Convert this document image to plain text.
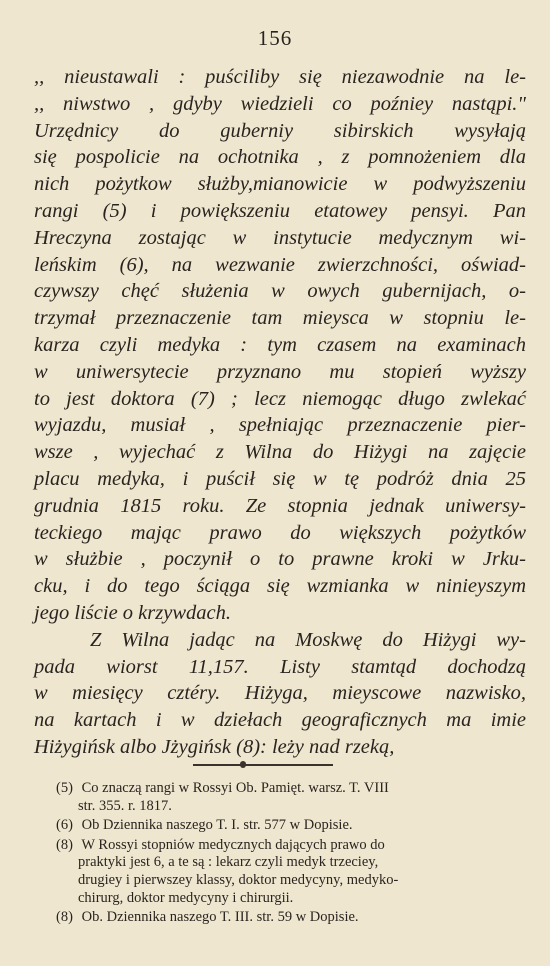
156
,, nieustawali : puściliby się niezawodnie na le-
,, niwstwo , gdyby wiedzieli co poźniey nastąpi."
Urzędnicy do guberniy sibirskich wysyłają
się pospolicie na ochotnika , z pomnożeniem dla
nich pożytkow służby,mianowicie w podwyższeniu
rangi (5) i powiększeniu etatowey pensyi. Pan
Hreczyna zostając w instytucie medycznym wi-
leńskim (6), na wezwanie zwierzchności, oświad-
czywszy chęć służenia w owych gubernijach, o-
trzymał przeznaczenie tam mieysca w stopniu le-
karza czyli medyka : tym czasem na examinach
w uniwersytecie przyznano mu stopień wyższy
to jest doktora (7) ; lecz niemogąc długo zwlekać
wyjazdu, musiał , spełniając przeznaczenie pier-
wsze , wyjechać z Wilna do Hiżygi na zajęcie
placu medyka, i puścił się w tę podróż dnia 25
grudnia 1815 roku. Ze stopnia jednak uniwersy-
teckiego mając prawo do większych pożytków
w służbie , poczynił o to prawne kroki w Jrku-
cku, i do tego ściąga się wzmianka w ninieyszym
jego liście o krzywdach.
Z Wilna jadąc na Moskwę do Hiżygi wy-
pada wiorst 11,157. Listy stamtąd dochodzą
w miesięcy cztéry. Hiżyga, mieyscowe nazwisko,
na kartach i w dziełach geograficznych ma imie
Hiżygińsk albo Jżygińsk (8): leży nad rzeką,
(5) Co znaczą rangi w Rossyi Ob. Pamięt. warsz. T. VIII
str. 355. r. 1817.
(6) Ob Dziennika naszego T. I. str. 577 w Dopisie.
(8) W Rossyi stopniów medycznych dających prawo do
praktyki jest 6, a te są : lekarz czyli medyk trzeciey,
drugiey i pierwszey klassy, doktor medycyny, medyko-
chirurg, doktor medycyny i chirurgii.
(8) Ob. Dziennika naszego T. III. str. 59 w Dopisie.
